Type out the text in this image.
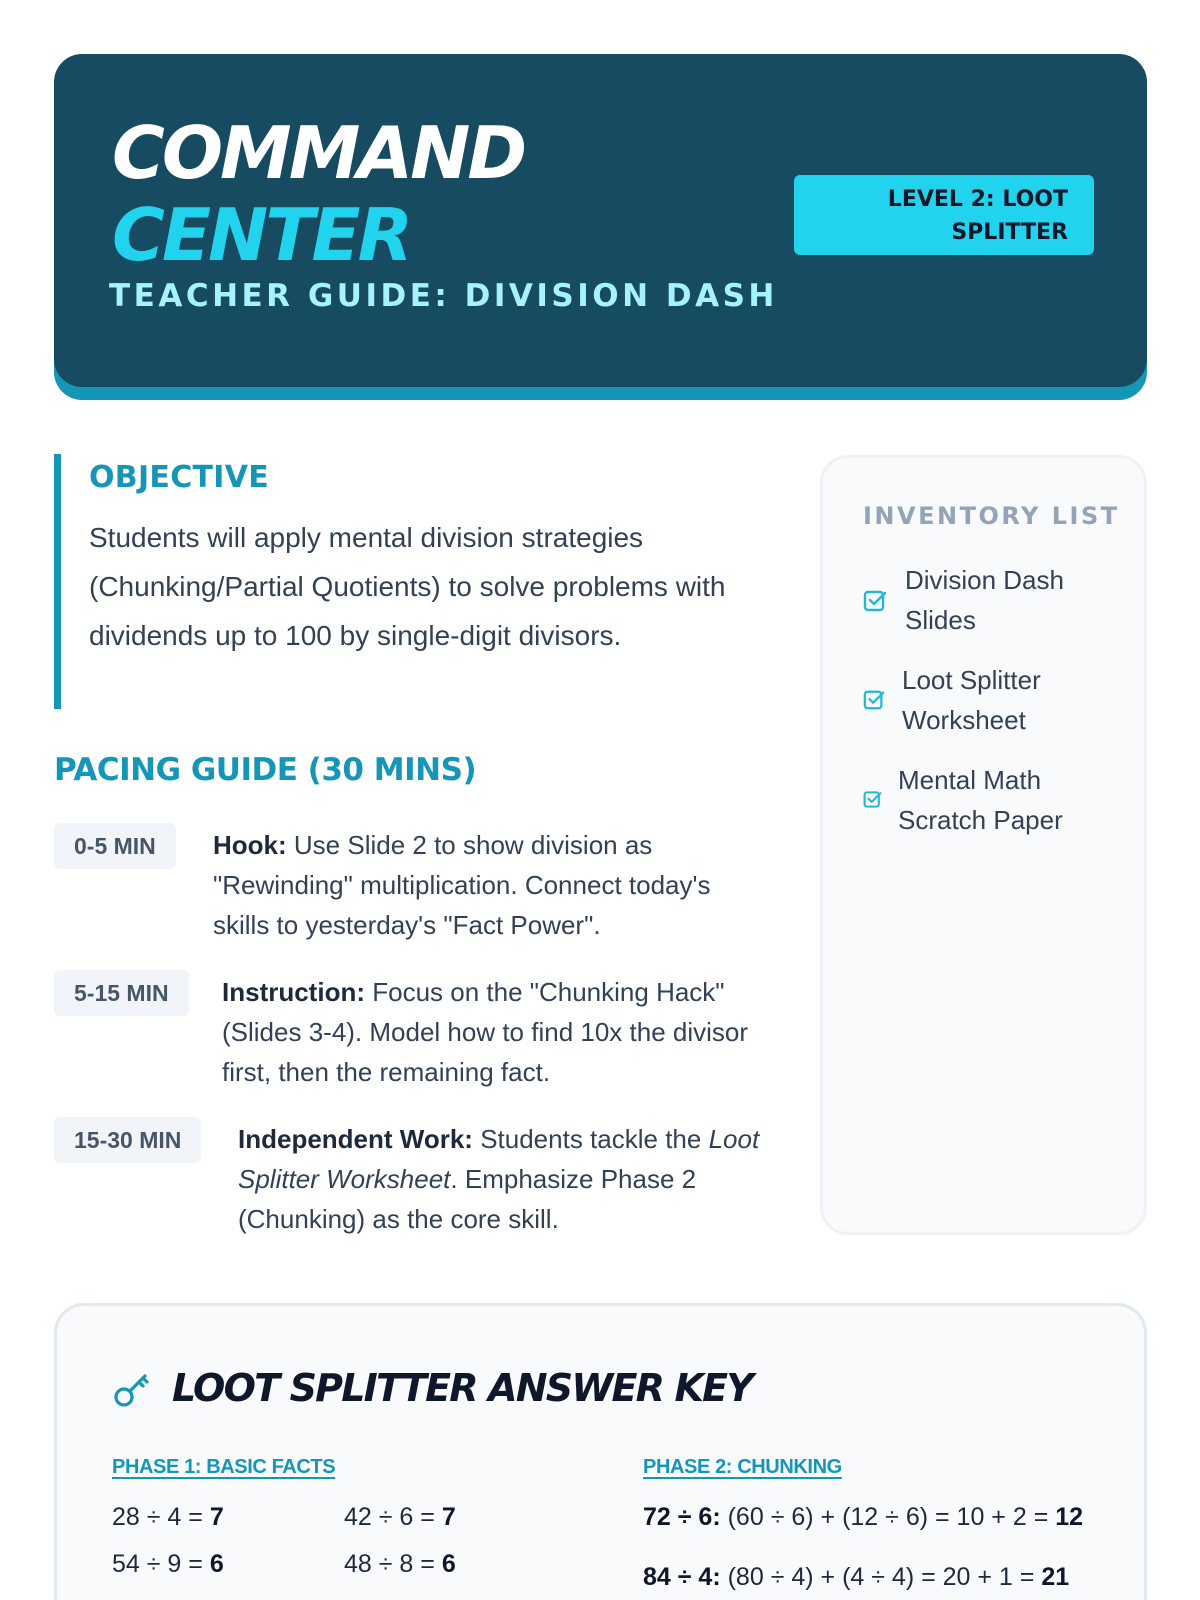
COMMAND
CENTER
TEACHER GUIDE: DIVISION DASH
LEVEL 2: LOOT SPLITTER
OBJECTIVE

Students will apply mental division strategies (Chunking/Partial Quotients) to solve problems with dividends up to 100 by single-digit divisors.

PACING GUIDE (30 MINS)
0-5 MIN	Hook: Use Slide 2 to show division as "Rewinding" multiplication. Connect today's skills to yesterday's "Fact Power".
5-15 MIN	Instruction: Focus on the "Chunking Hack" (Slides 3-4). Model how to find 10x the divisor first, then the remaining fact.
15-30 MIN	Independent Work: Students tackle the Loot Splitter Worksheet. Emphasize Phase 2 (Chunking) as the core skill.
INVENTORY LIST
Division Dash Slides
Loot Splitter Worksheet
Mental Math Scratch Paper
LOOT SPLITTER ANSWER KEY
PHASE 1: BASIC FACTS	PHASE 2: CHUNKING
28 ÷ 4 = 7	42 ÷ 6 = 7
54 ÷ 9 = 6	48 ÷ 8 = 6
72 ÷ 6: (60 ÷ 6) + (12 ÷ 6) = 10 + 2 = 12
84 ÷ 4: (80 ÷ 4) + (4 ÷ 4) = 20 + 1 = 21
